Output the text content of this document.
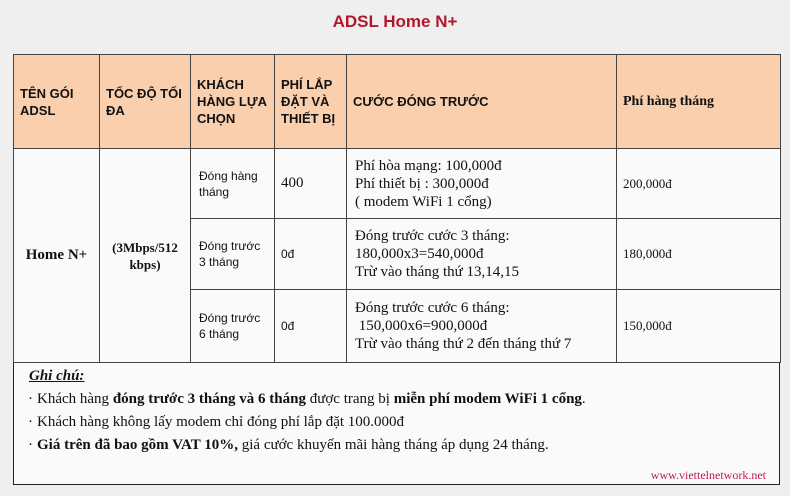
ADSL Home N+
TÊN GÓI ADSL	TỐC ĐỘ TỐI ĐA	KHÁCH HÀNG LỰA CHỌN	PHÍ LẮP ĐẶT VÀ THIẾT BỊ	CƯỚC ĐÓNG TRƯỚC	Phí hàng tháng
Home N+	(3Mbps/512 kbps)	Đóng hàng tháng	400	Phí hòa mạng: 100,000đ
Phí thiết bị : 300,000đ
( modem WiFi 1 cổng)	200,000đ
		Đóng trước 3 tháng	0đ	Đóng trước cước 3 tháng:
180,000x3=540,000đ
Trừ vào tháng thứ 13,14,15	180,000đ
		Đóng trước 6 tháng	0đ	Đóng trước cước 6 tháng:
150,000x6=900,000đ
Trừ vào tháng thứ 2 đến tháng thứ 7	150,000đ
Ghi chú:
· Khách hàng đóng trước 3 tháng và 6 tháng được trang bị miễn phí modem WiFi 1 cổng.
· Khách hàng không lấy modem chỉ đóng phí lắp đặt 100.000đ
· Giá trên đã bao gồm VAT 10%, giá cước khuyến mãi hàng tháng áp dụng 24 tháng.
www.viettelnetwork.net
